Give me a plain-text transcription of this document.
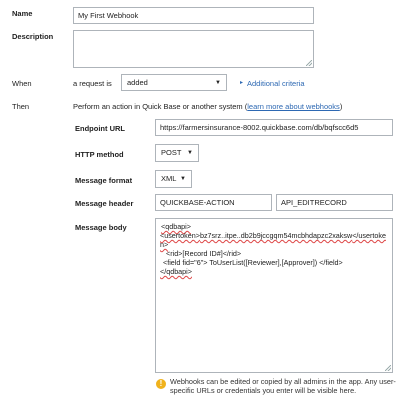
Name	My First Webhook
Description
When	a request is	added	▼	▸ Additional criteria
Then	Perform an action in Quick Base or another system (learn more about webhooks)
Endpoint URL	https://farmersinsurance-8002.quickbase.com/db/bqfscc6d5
HTTP method	POST ▼
Message format	XML ▼
Message header	QUICKBASE-ACTION	API_EDITRECORD
Message body	<qdbapi>
<usertoken>bz7srz..itpe..db2b9jccgqm54mcbhdapzc2xaksw</usertoke
n>
<rid>[Record ID#]</rid>
<field fid="6"> ToUserList([Reviewer],[Approver]) </field>
</qdbapi>
!	Webhooks can be edited or copied by all admins in the app. Any user-
specific URLs or credentials you enter will be visible here.
